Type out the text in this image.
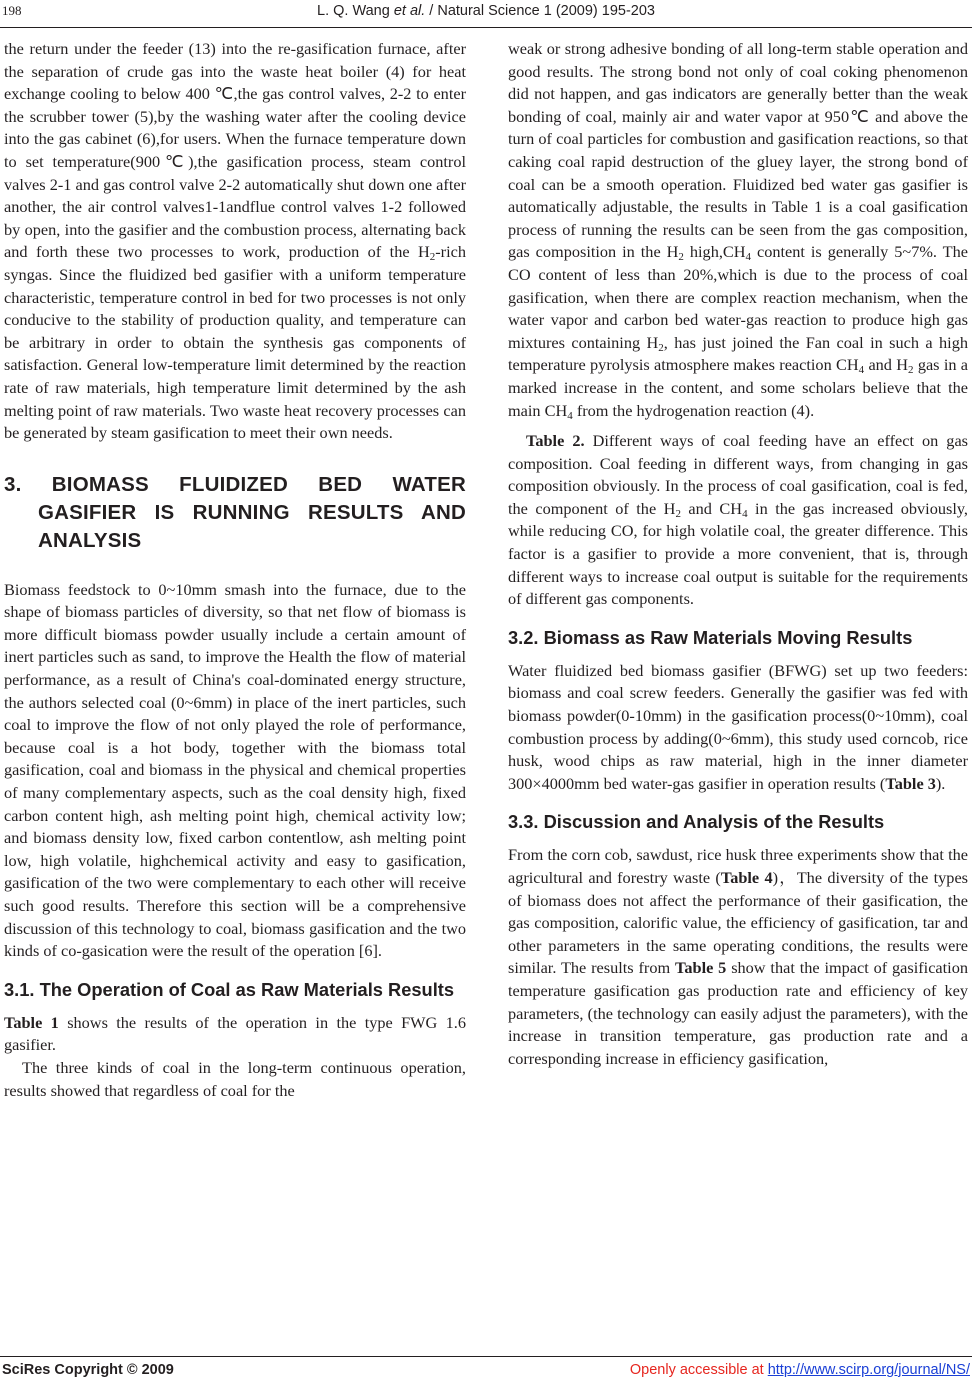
198	L. Q. Wang et al. / Natural Science 1 (2009) 195-203

the return under the feeder (13) into the re-gasification furnace, after the separation of crude gas into the waste heat boiler (4) for heat exchange cooling to below 400 ℃,the gas control valves, 2-2 to enter the scrubber tower (5),by the washing water after the cooling device into the gas cabinet (6),for users. When the furnace temperature down to set temperature(900℃),the gasification process, steam control valves 2-1 and gas control valve 2-2 automatically shut down one after another, the air control valves1-1andflue control valves 1-2 followed by open, into the gasifier and the combustion process, alternating back and forth these two processes to work, production of the $H_2$-rich syngas. Since the fluidized bed gasifier with a uniform temperature characteristic, temperature control in bed for two processes is not only conducive to the stability of production quality, and temperature can be arbitrary in order to obtain the synthesis gas components of satisfaction. General low-temperature limit determined by the reaction rate of raw materials, high temperature limit determined by the ash melting point of raw materials. Two waste heat recovery processes can be generated by steam gasification to meet their own needs.

3. BIOMASS FLUIDIZED BED WATER GASIFIER IS RUNNING RESULTS AND ANALYSIS

Biomass feedstock to 0~10mm smash into the furnace, due to the shape of biomass particles of diversity, so that net flow of biomass is more difficult biomass powder usually include a certain amount of inert particles such as sand, to improve the Health the flow of material performance, as a result of China's coal-dominated energy structure, the authors selected coal (0~6mm) in place of the inert particles, such coal to improve the flow of not only played the role of performance, because coal is a hot body, together with the biomass total gasification, coal and biomass in the physical and chemical properties of many complementary aspects, such as the coal density high, fixed carbon content high, ash melting point high, chemical activity low; and biomass density low, fixed carbon contentlow, ash melting point low, high volatile, highchemical activity and easy to gasification, gasification of the two were complementary to each other will receive such good results. Therefore this section will be a comprehensive discussion of this technology to coal, biomass gasification and the two kinds of co-gasication were the result of the operation [6].

3.1. The Operation of Coal as Raw Materials Results

Table 1 shows the results of the operation in the type FWG 1.6 gasifier.

The three kinds of coal in the long-term continuous operation, results showed that regardless of coal for the

weak or strong adhesive bonding of all long-term stable operation and good results. The strong bond not only of coal coking phenomenon did not happen, and gas indicators are generally better than the weak bonding of coal, mainly air and water vapor at 950℃ and above the turn of coal particles for combustion and gasification reactions, so that caking coal rapid destruction of the gluey layer, the strong bond of coal can be a smooth operation. Fluidized bed water gas gasifier is automatically adjustable, the results in Table 1 is a coal gasification process of running the results can be seen from the gas composition, gas composition in the $H_2$ $high,CH_4$ content is generally 5~7%. The CO content of less than 20%,which is due to the process of coal gasification, when there are complex reaction mechanism, when the water vapor and carbon bed water-gas reaction to produce high gas mixtures containing $H_2$, has just joined the Fan coal in such a high temperature pyrolysis atmosphere makes reaction $CH_4$ and $H_2$ gas in a marked increase in the content, and some scholars believe that the main $CH_4$ from the hydrogenation reaction (4).

Table 2. Different ways of coal feeding have an effect on gas composition. Coal feeding in different ways, from changing in gas composition obviously. In the process of coal gasification, coal is fed, the component of the $H_2$ and $CH_4$ in the gas increased obviously, while reducing CO, for high volatile coal, the greater difference. This factor is a gasifier to provide a more convenient, that is, through different ways to increase coal output is suitable for the requirements of different gas components.

3.2. Biomass as Raw Materials Moving Results

Water fluidized bed biomass gasifier (BFWG) set up two feeders: biomass and coal screw feeders. Generally the gasifier was fed with biomass powder(0-10mm) in the gasification process(0~10mm), coal combustion process by adding(0~6mm), this study used corncob, rice husk, wood chips as raw material, high in the inner diameter 300×4000mm bed water-gas gasifier in operation results (Table 3).

3.3. Discussion and Analysis of the Results

From the corn cob, sawdust, rice husk three experiments show that the agricultural and forestry waste (Table 4)，The diversity of the types of biomass does not affect the performance of their gasification, the gas composition, calorific value, the efficiency of gasification, tar and other parameters in the same operating conditions, the results were similar. The results from Table 5 show that the impact of gasification temperature gasification gas production rate and efficiency of key parameters, (the technology can easily adjust the parameters), with the increase in transition temperature, gas production rate and a corresponding increase in efficiency gasification,

SciRes Copyright © 2009	Openly accessible at http://www.scirp.org/journal/NS/
